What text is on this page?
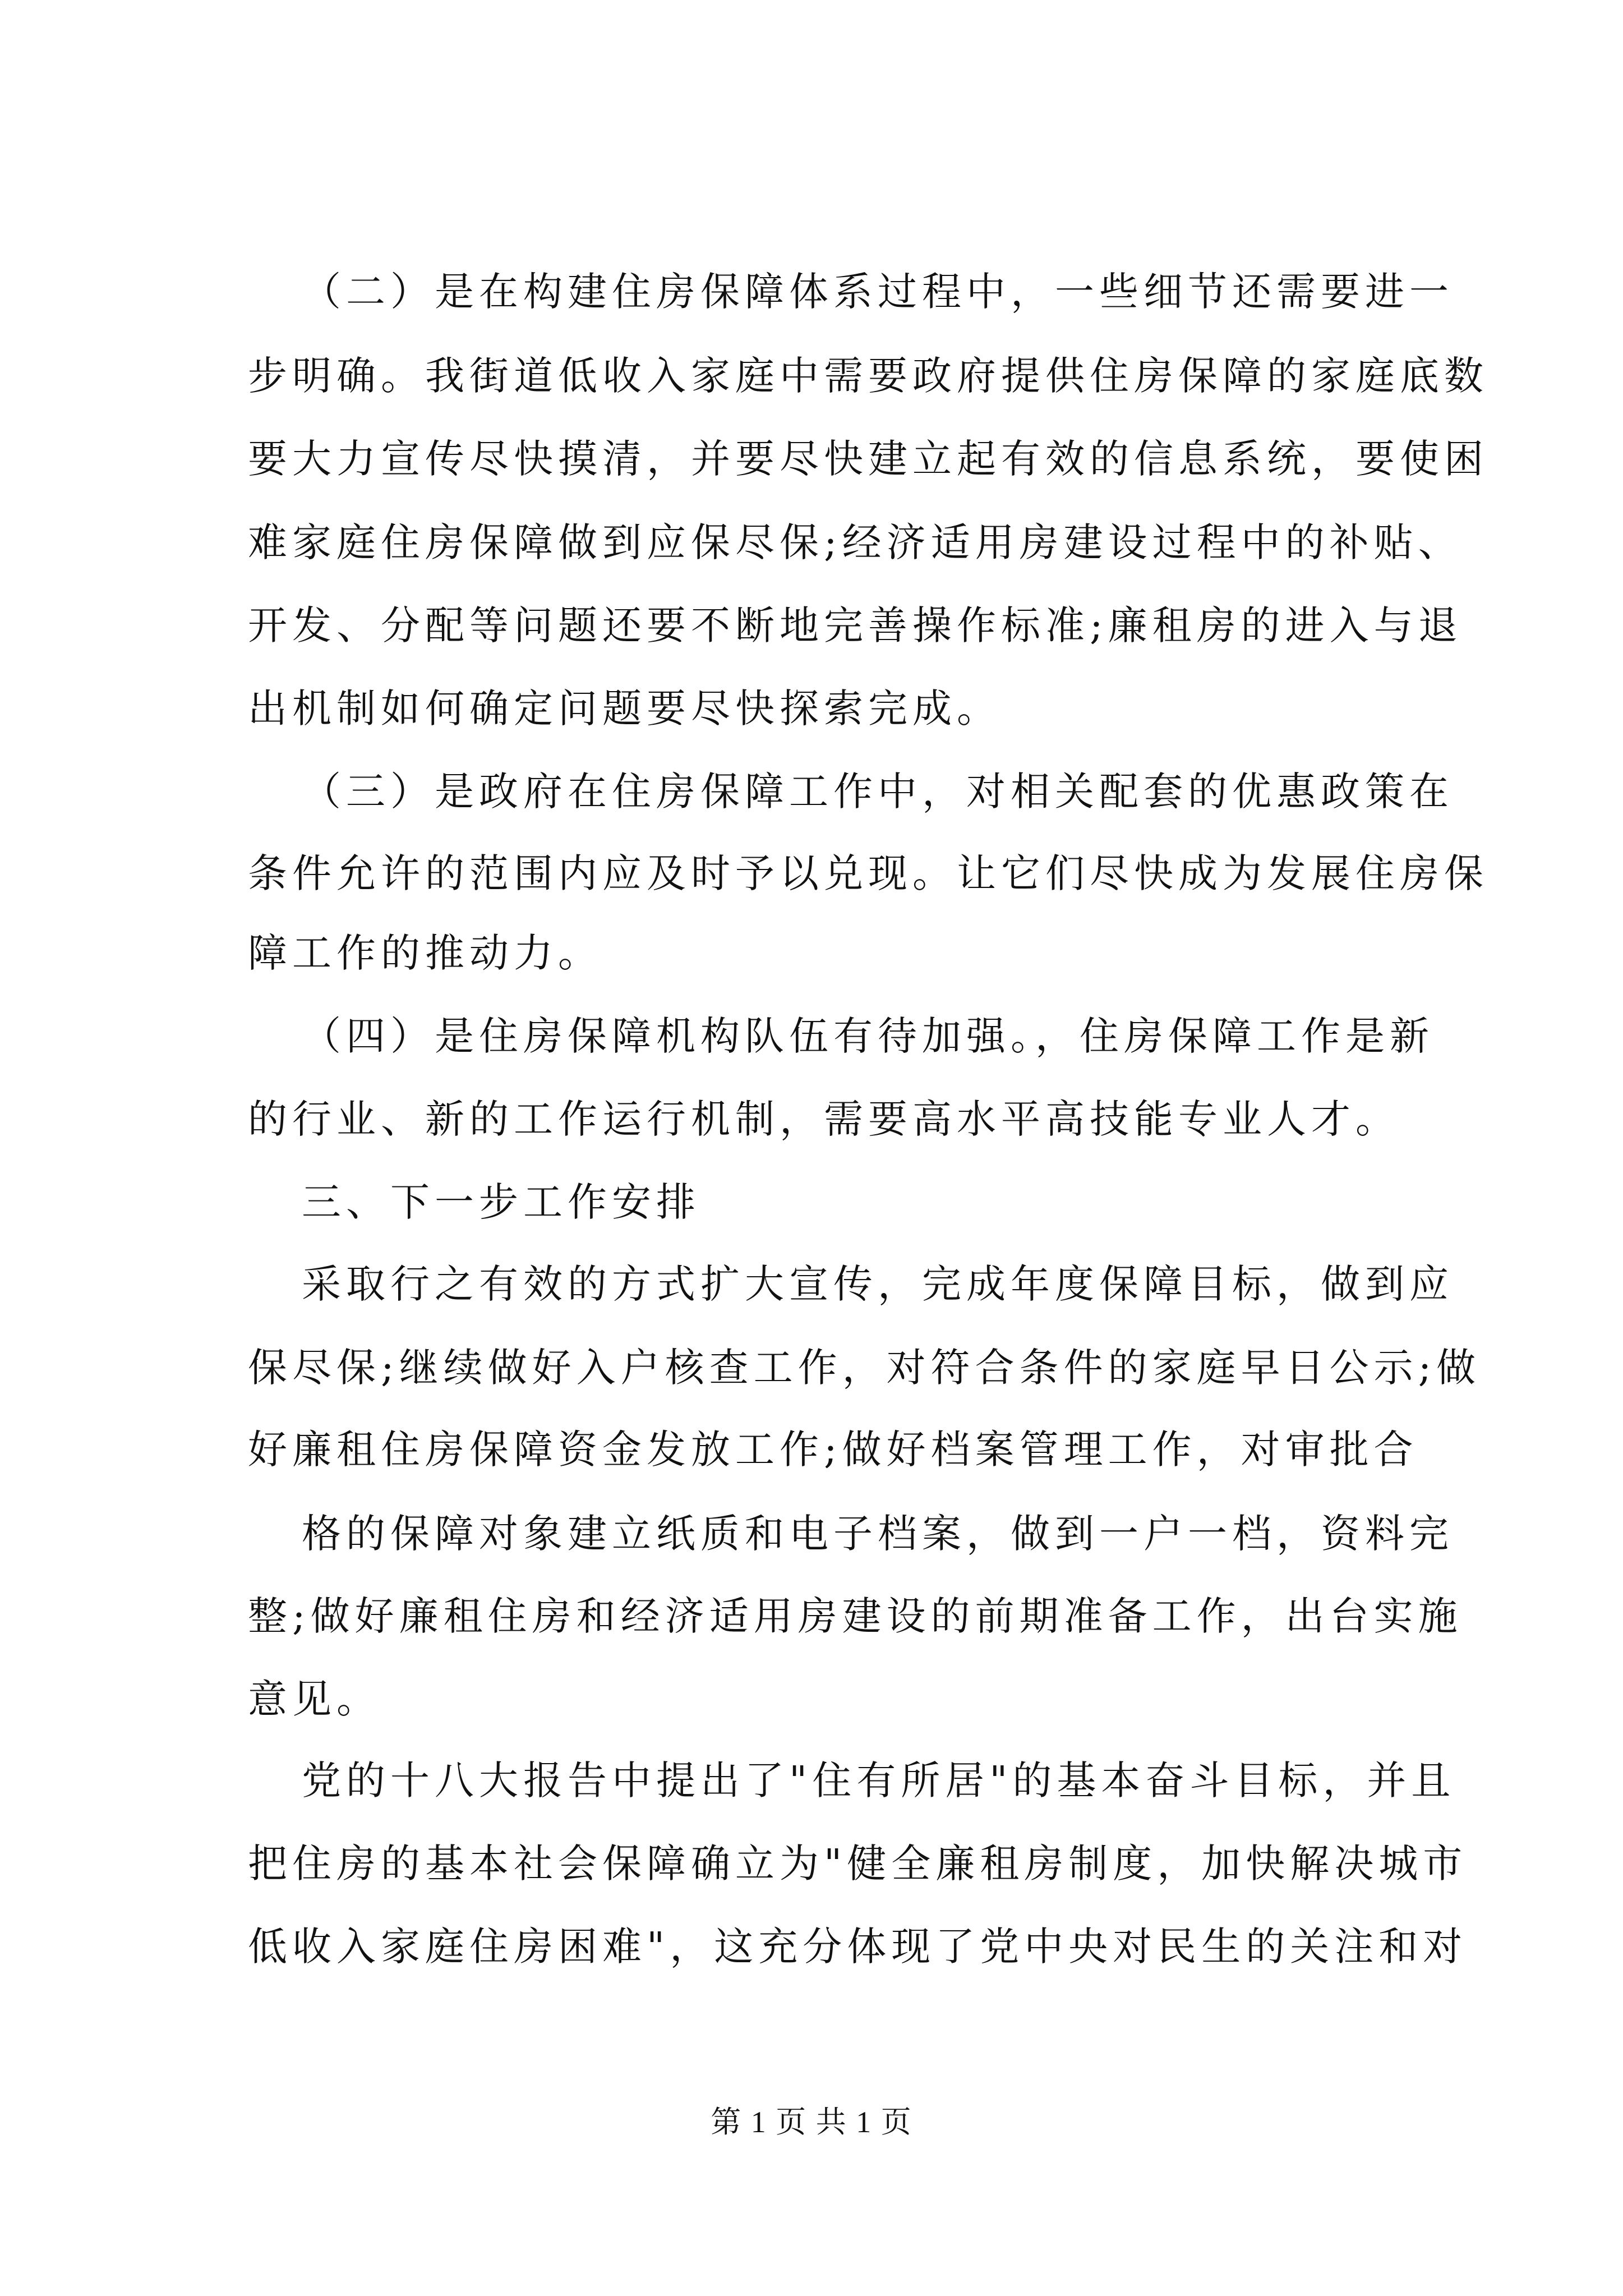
（二）是在构建住房保障体系过程中，一些细节还需要进一
步明确。我街道低收入家庭中需要政府提供住房保障的家庭底数
要大力宣传尽快摸清，并要尽快建立起有效的信息系统，要使困
难家庭住房保障做到应保尽保;经济适用房建设过程中的补贴、
开发、分配等问题还要不断地完善操作标准;廉租房的进入与退
出机制如何确定问题要尽快探索完成。
（三）是政府在住房保障工作中，对相关配套的优惠政策在
条件允许的范围内应及时予以兑现。让它们尽快成为发展住房保
障工作的推动力。
（四）是住房保障机构队伍有待加强。，住房保障工作是新
的行业、新的工作运行机制，需要高水平高技能专业人才。
三、下一步工作安排
采取行之有效的方式扩大宣传，完成年度保障目标，做到应
保尽保;继续做好入户核查工作，对符合条件的家庭早日公示;做
好廉租住房保障资金发放工作;做好档案管理工作，对审批合
格的保障对象建立纸质和电子档案，做到一户一档，资料完
整;做好廉租住房和经济适用房建设的前期准备工作，出台实施
意见。
党的十八大报告中提出了"住有所居"的基本奋斗目标，并且
把住房的基本社会保障确立为"健全廉租房制度，加快解决城市
低收入家庭住房困难"，这充分体现了党中央对民生的关注和对
第 1 页 共 1 页
